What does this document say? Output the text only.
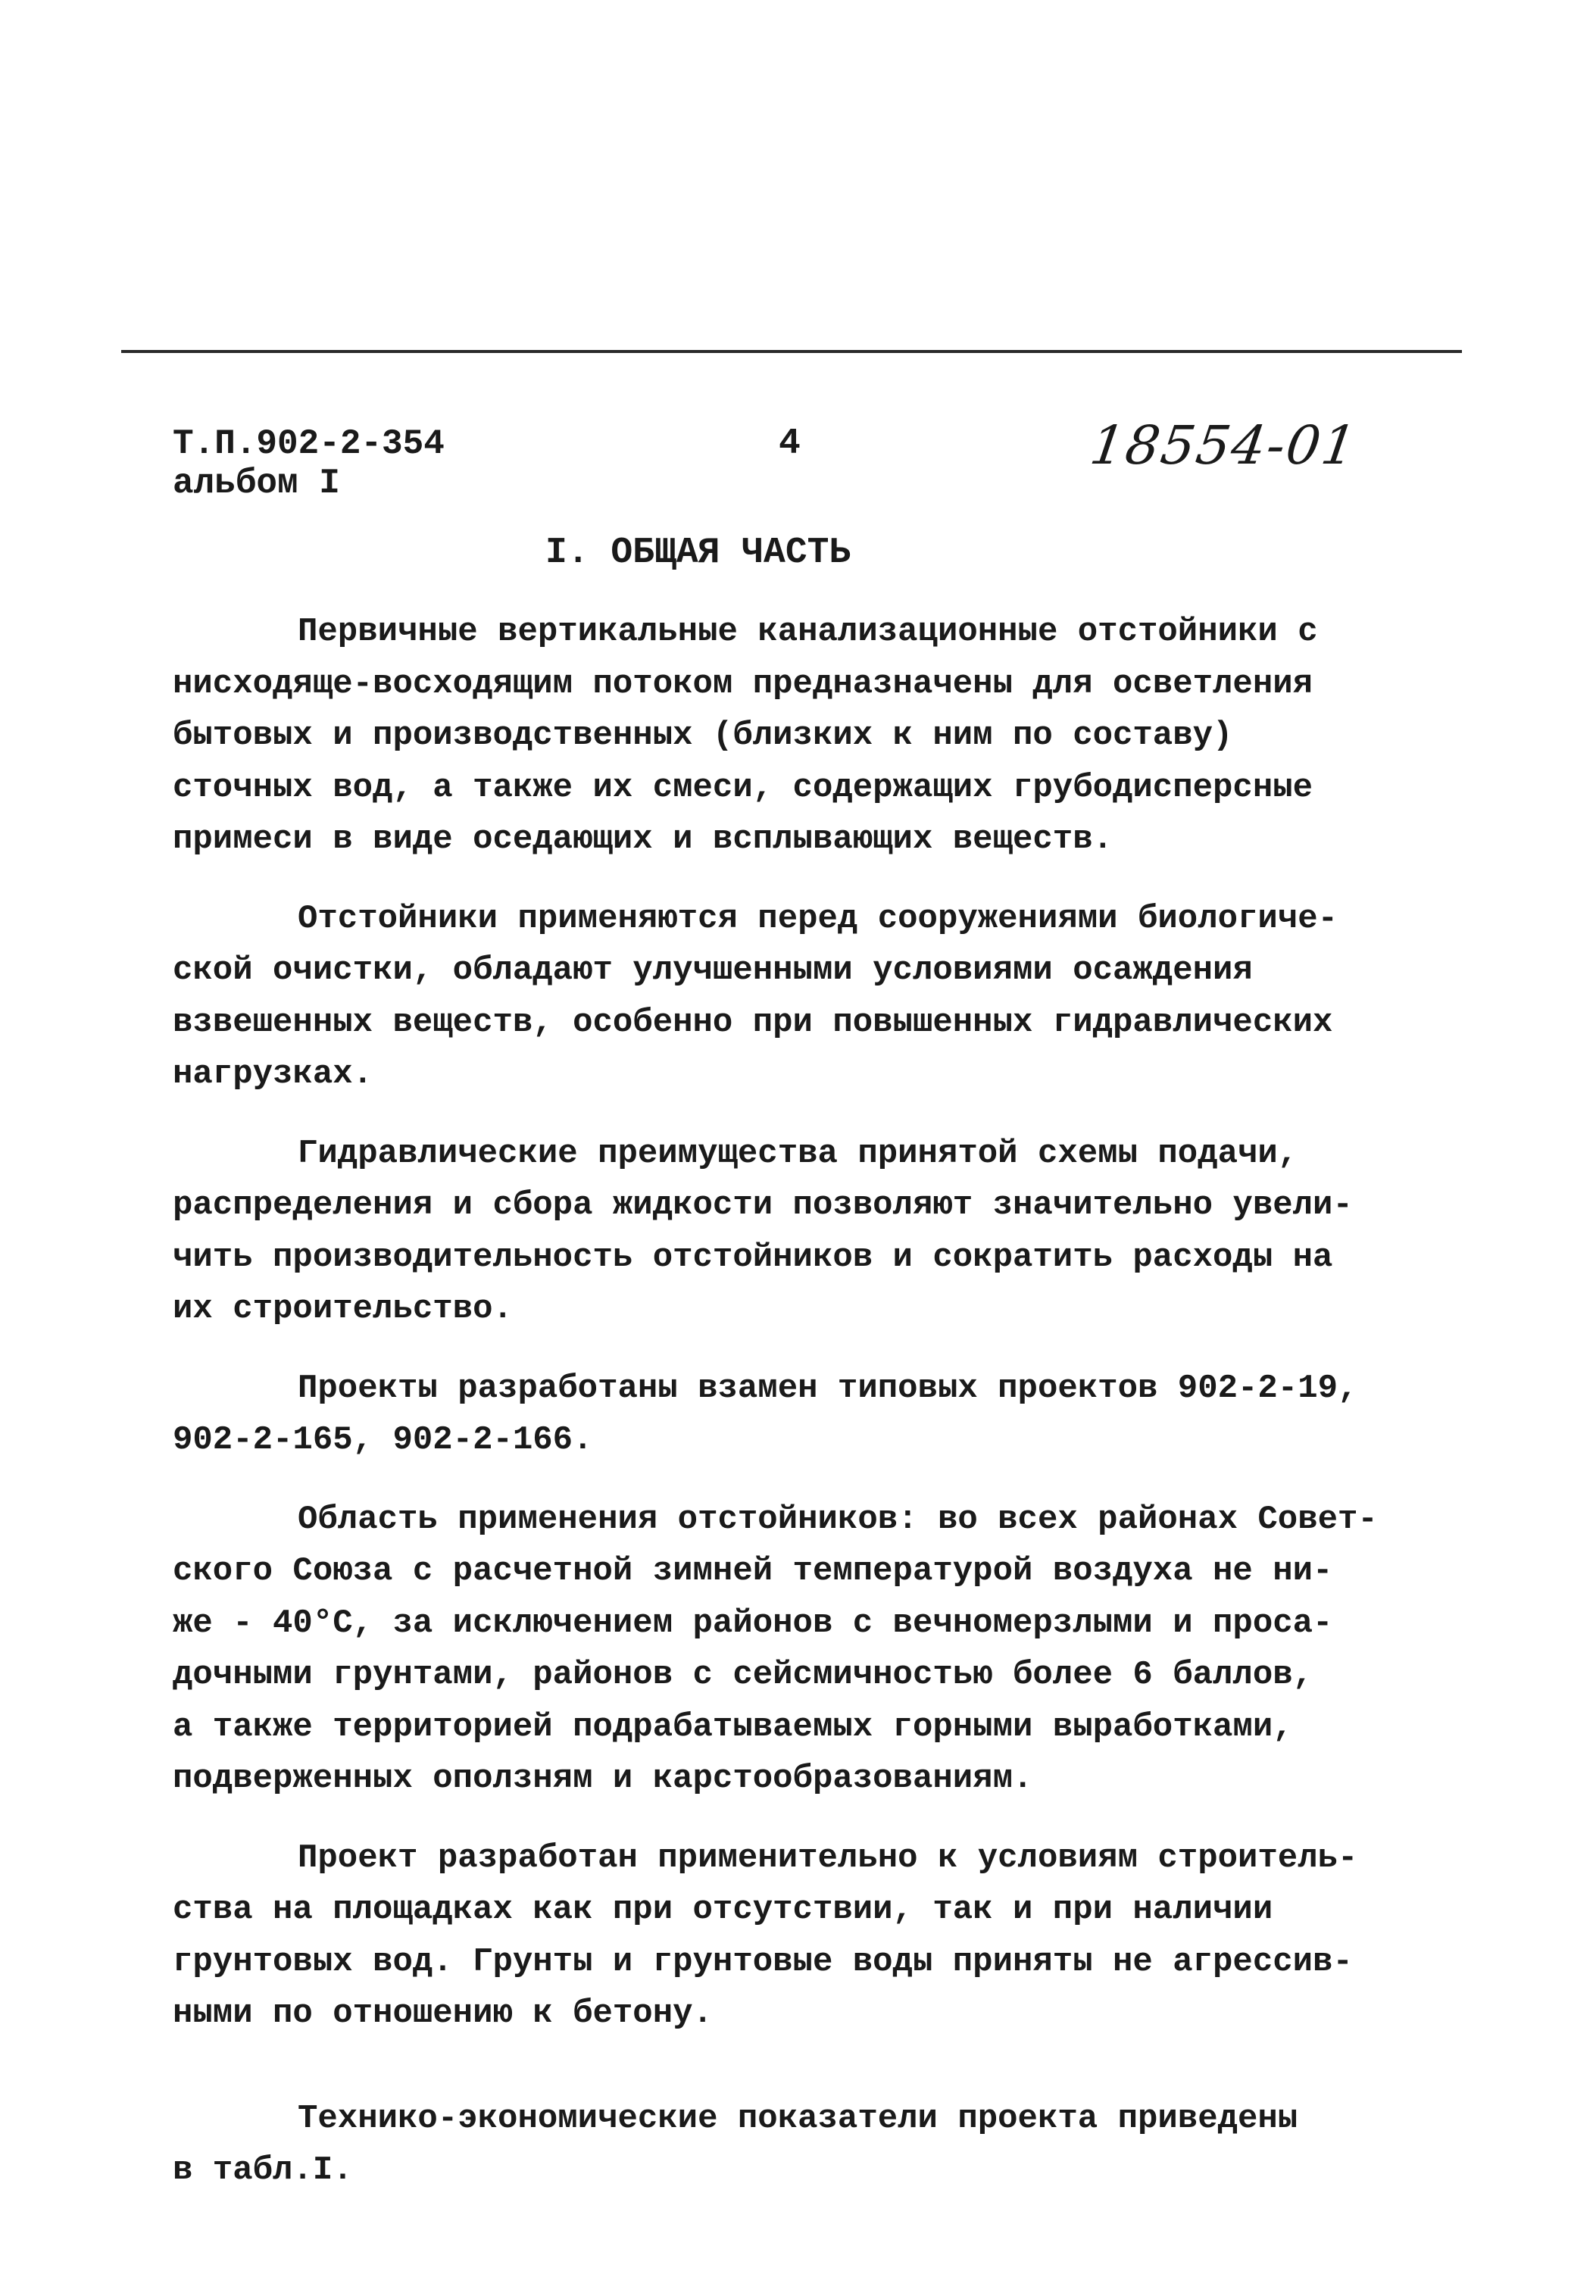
Т.П.902-2-354
альбом I
4	18554-01
I. ОБЩАЯ ЧАСТЬ
Первичные вертикальные канализационные отстойники с
нисходяще-восходящим потоком предназначены для осветления
бытовых и производственных (близких к ним по составу)
сточных вод, а также их смеси, содержащих грубодисперсные
примеси в виде оседающих и всплывающих веществ.
Отстойники применяются перед сооружениями биологиче-
ской очистки, обладают улучшенными условиями осаждения
взвешенных веществ, особенно при повышенных гидравлических
нагрузках.
Гидравлические преимущества принятой схемы подачи,
распределения и сбора жидкости позволяют значительно увели-
чить производительность отстойников и сократить расходы на
их строительство.
Проекты разработаны взамен типовых проектов 902-2-19,
902-2-165, 902-2-166.
Область применения отстойников: во всех районах Совет-
ского Союза с расчетной зимней температурой воздуха не ни-
же - 40°С, за исключением районов с вечномерзлыми и проса-
дочными грунтами, районов с сейсмичностью более 6 баллов,
а также территорией подрабатываемых горными выработками,
подверженных оползням и карстообразованиям.
Проект разработан применительно к условиям строитель-
ства на площадках как при отсутствии, так и при наличии
грунтовых вод. Грунты и грунтовые воды приняты не агрессив-
ными по отношению к бетону.
Технико-экономические показатели проекта приведены
в табл.I.
